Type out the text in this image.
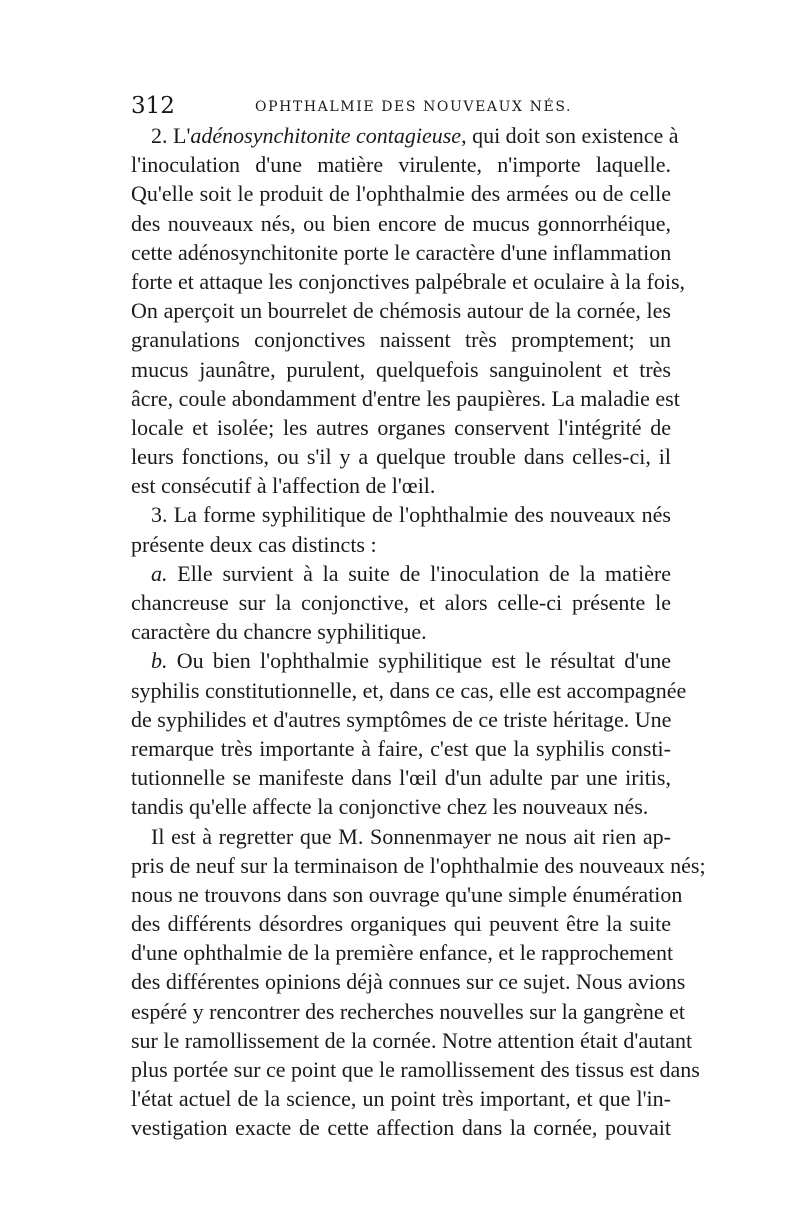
312	OPHTHALMIE DES NOUVEAUX NÉS.
2. L'adénosynchitonite contagieuse, qui doit son existence à
l'inoculation d'une matière virulente, n'importe laquelle.
Qu'elle soit le produit de l'ophthalmie des armées ou de celle
des nouveaux nés, ou bien encore de mucus gonnorrhéique,
cette adénosynchitonite porte le caractère d'une inflammation
forte et attaque les conjonctives palpébrale et oculaire à la fois,
On aperçoit un bourrelet de chémosis autour de la cornée, les
granulations conjonctives naissent très promptement; un
mucus jaunâtre, purulent, quelquefois sanguinolent et très
âcre, coule abondamment d'entre les paupières. La maladie est
locale et isolée; les autres organes conservent l'intégrité de
leurs fonctions, ou s'il y a quelque trouble dans celles-ci, il
est consécutif à l'affection de l'œil.
3. La forme syphilitique de l'ophthalmie des nouveaux nés
présente deux cas distincts :
a. Elle survient à la suite de l'inoculation de la matière
chancreuse sur la conjonctive, et alors celle-ci présente le
caractère du chancre syphilitique.
b. Ou bien l'ophthalmie syphilitique est le résultat d'une
syphilis constitutionnelle, et, dans ce cas, elle est accompagnée
de syphilides et d'autres symptômes de ce triste héritage. Une
remarque très importante à faire, c'est que la syphilis consti-
tutionnelle se manifeste dans l'œil d'un adulte par une iritis,
tandis qu'elle affecte la conjonctive chez les nouveaux nés.
Il est à regretter que M. Sonnenmayer ne nous ait rien ap-
pris de neuf sur la terminaison de l'ophthalmie des nouveaux nés;
nous ne trouvons dans son ouvrage qu'une simple énumération
des différents désordres organiques qui peuvent être la suite
d'une ophthalmie de la première enfance, et le rapprochement
des différentes opinions déjà connues sur ce sujet. Nous avions
espéré y rencontrer des recherches nouvelles sur la gangrène et
sur le ramollissement de la cornée. Notre attention était d'autant
plus portée sur ce point que le ramollissement des tissus est dans
l'état actuel de la science, un point très important, et que l'in-
vestigation exacte de cette affection dans la cornée, pouvait
